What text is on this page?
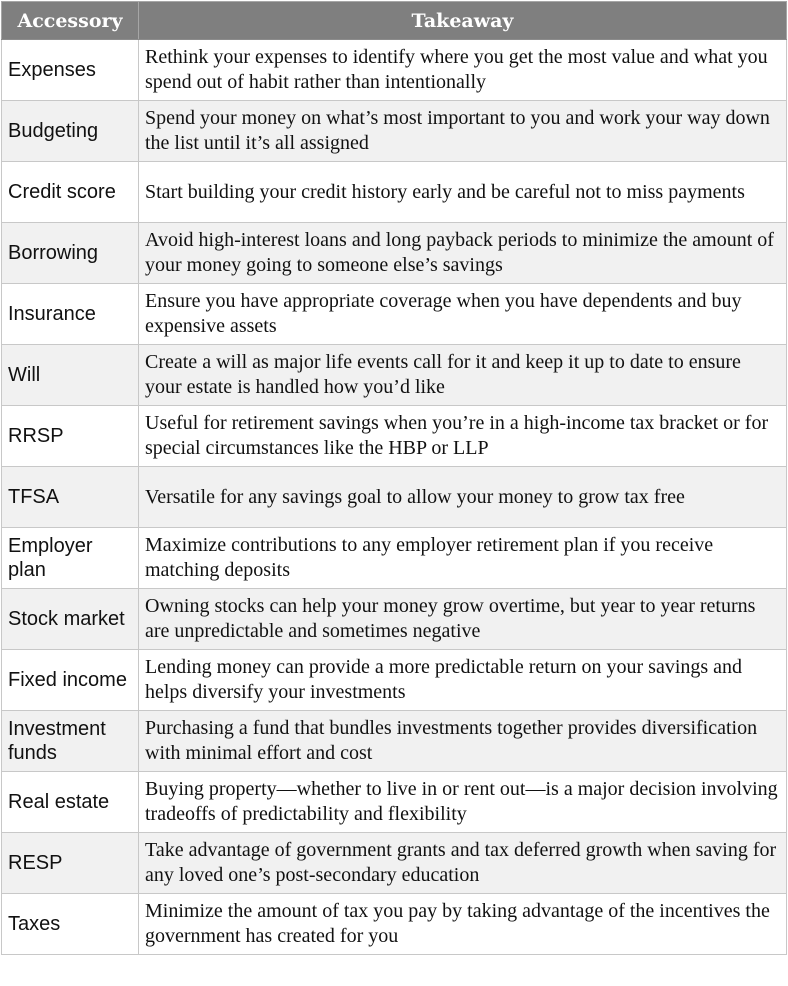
Accessory	Takeaway
Expenses	Rethink your expenses to identify where you get the most value and what you spend out of habit rather than intentionally
Budgeting	Spend your money on what’s most important to you and work your way down the list until it’s all assigned
Credit score	Start building your credit history early and be careful not to miss payments
Borrowing	Avoid high-interest loans and long payback periods to minimize the amount of your money going to someone else’s savings
Insurance	Ensure you have appropriate coverage when you have dependents and buy expensive assets
Will	Create a will as major life events call for it and keep it up to date to ensure your estate is handled how you’d like
RRSP	Useful for retirement savings when you’re in a high-income tax bracket or for special circumstances like the HBP or LLP
TFSA	Versatile for any savings goal to allow your money to grow tax free
Employer plan	Maximize contributions to any employer retirement plan if you receive matching deposits
Stock market	Owning stocks can help your money grow overtime, but year to year returns are unpredictable and sometimes negative
Fixed income	Lending money can provide a more predictable return on your savings and helps diversify your investments
Investment funds	Purchasing a fund that bundles investments together provides diversification with minimal effort and cost
Real estate	Buying property—whether to live in or rent out—is a major decision involving tradeoffs of predictability and flexibility
RESP	Take advantage of government grants and tax deferred growth when saving for any loved one’s post-secondary education
Taxes	Minimize the amount of tax you pay by taking advantage of the incentives the government has created for you
